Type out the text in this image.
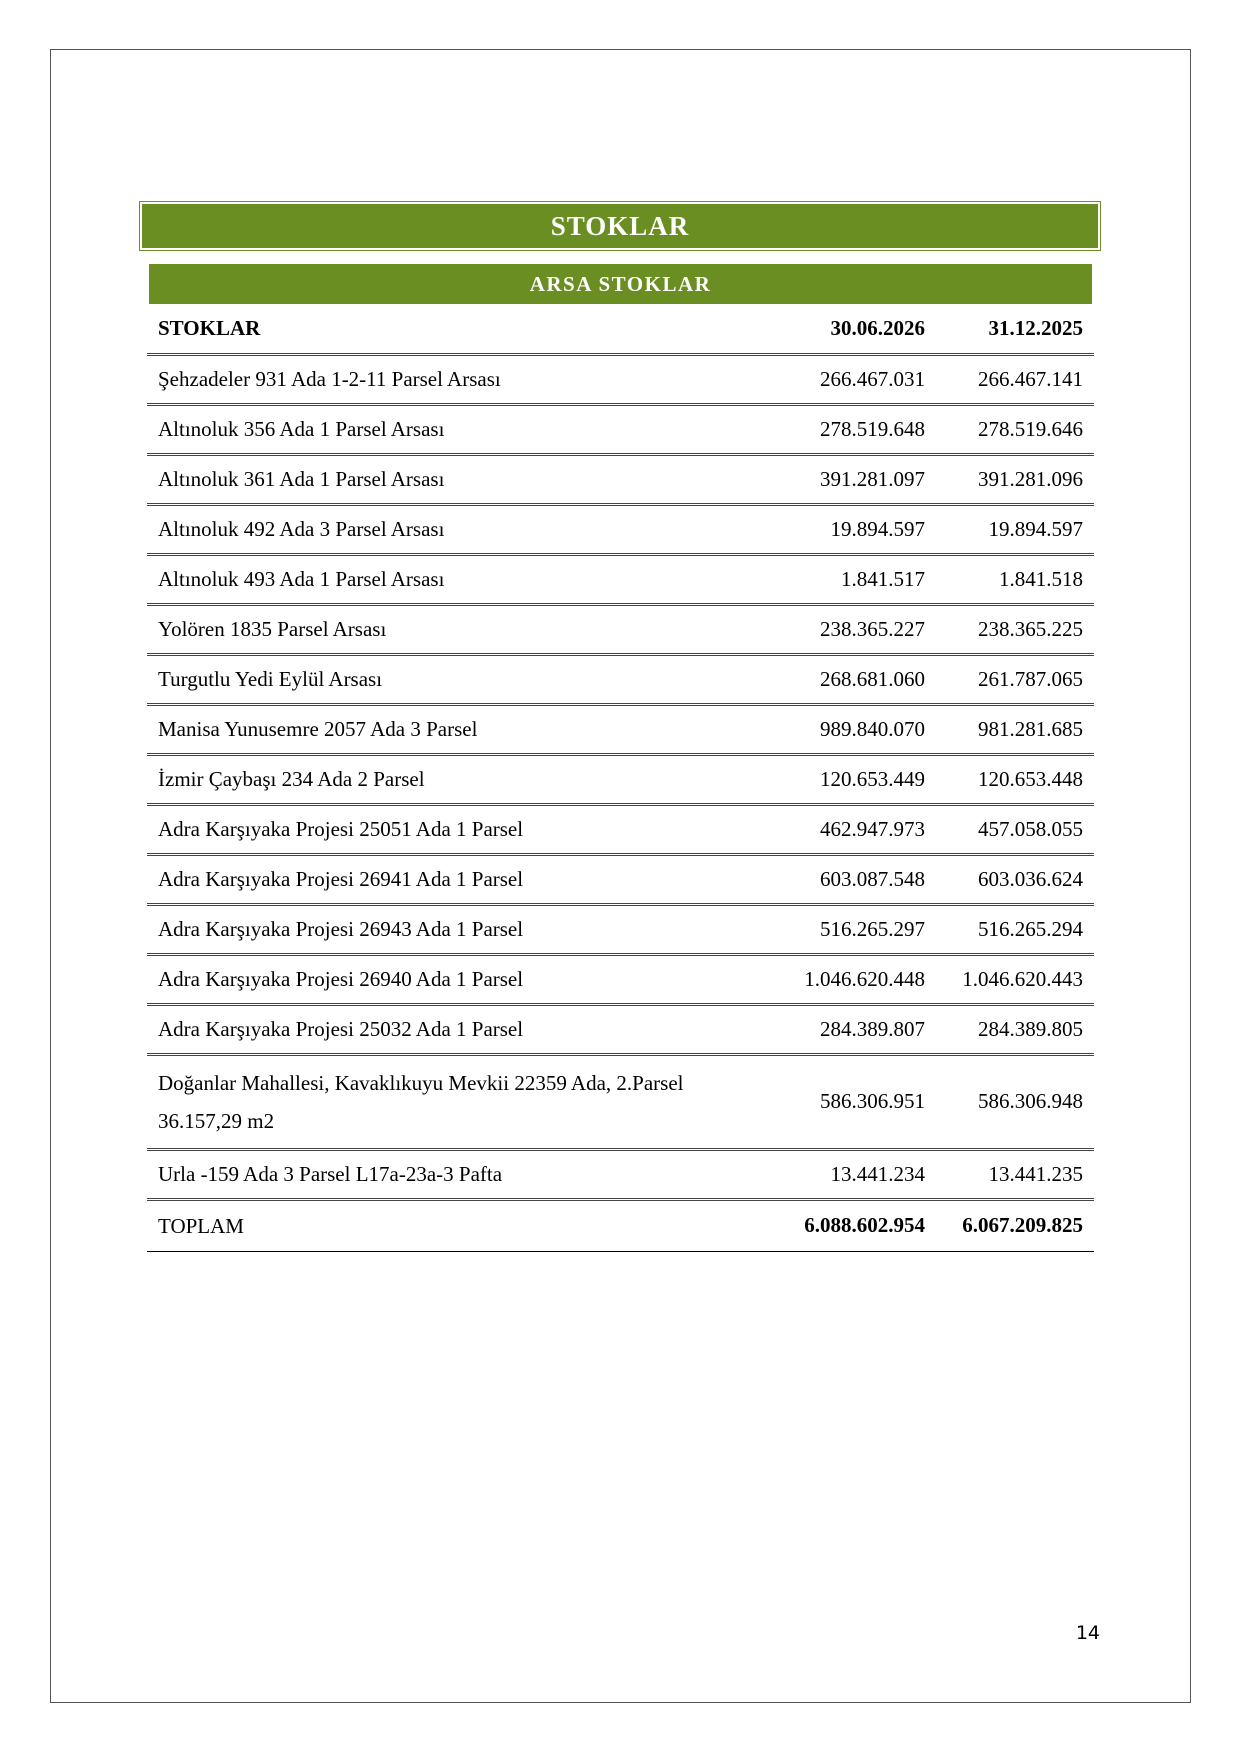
STOKLAR
ARSA STOKLAR
STOKLAR	30.06.2026	31.12.2025
Şehzadeler 931 Ada 1-2-11 Parsel Arsası	266.467.031	266.467.141
Altınoluk 356 Ada 1 Parsel Arsası	278.519.648	278.519.646
Altınoluk 361 Ada 1 Parsel Arsası	391.281.097	391.281.096
Altınoluk 492 Ada 3 Parsel Arsası	19.894.597	19.894.597
Altınoluk 493 Ada 1 Parsel Arsası	1.841.517	1.841.518
Yolören 1835 Parsel Arsası	238.365.227	238.365.225
Turgutlu Yedi Eylül Arsası	268.681.060	261.787.065
Manisa Yunusemre 2057 Ada 3 Parsel	989.840.070	981.281.685
İzmir Çaybaşı 234 Ada 2 Parsel	120.653.449	120.653.448
Adra Karşıyaka Projesi 25051 Ada 1 Parsel	462.947.973	457.058.055
Adra Karşıyaka Projesi 26941 Ada 1 Parsel	603.087.548	603.036.624
Adra Karşıyaka Projesi 26943 Ada 1 Parsel	516.265.297	516.265.294
Adra Karşıyaka Projesi 26940 Ada 1 Parsel	1.046.620.448	1.046.620.443
Adra Karşıyaka Projesi 25032 Ada 1 Parsel	284.389.807	284.389.805
Doğanlar Mahallesi, Kavaklıkuyu Mevkii 22359 Ada, 2.Parsel 36.157,29 m2	586.306.951	586.306.948
Urla -159 Ada 3 Parsel L17a-23a-3 Pafta	13.441.234	13.441.235
TOPLAM	6.088.602.954	6.067.209.825
14
